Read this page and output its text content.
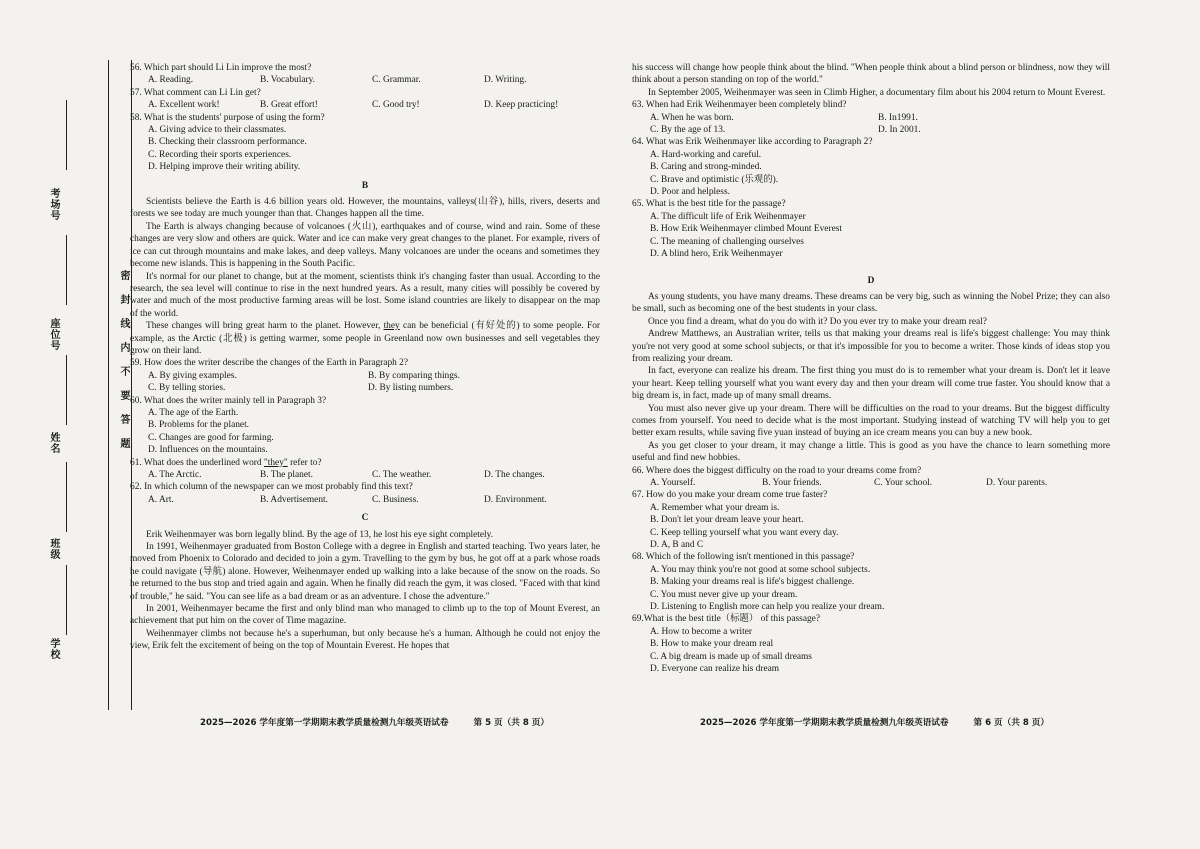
密封线内不要答题
考场号
座位号
姓名
班级
学校

56. Which part should Li Lin improve the most?

A. Reading.	B. Vocabulary.	C. Grammar.	D. Writing.

57. What comment can Li Lin get?

A. Excellent work!	B. Great effort!	C. Good try!	D. Keep practicing!

58. What is the students' purpose of using the form?

A. Giving advice to their classmates.

B. Checking their classroom performance.

C. Recording their sports experiences.

D. Helping improve their writing ability.

B

Scientists believe the Earth is 4.6 billion years old. However, the mountains, valleys(山谷), hills, rivers, deserts and forests we see today are much younger than that. Changes happen all the time.

The Earth is always changing because of volcanoes (火山), earthquakes and of course, wind and rain. Some of these changes are very slow and others are quick. Water and ice can make very great changes to the planet. For example, rivers of ice can cut through mountains and make lakes, and deep valleys. Many volcanoes are under the oceans and sometimes they become new islands. This is happening in the South Pacific.

It's normal for our planet to change, but at the moment, scientists think it's changing faster than usual. According to the research, the sea level will continue to rise in the next hundred years. As a result, many cities will possibly be covered by water and much of the most productive farming areas will be lost. Some island countries are likely to disappear on the map of the world.

These changes will bring great harm to the planet. However, they can be beneficial (有好处的) to some people. For example, as the Arctic (北极) is getting warmer, some people in Greenland now own businesses and sell vegetables they grow on their land.

59. How does the writer describe the changes of the Earth in Paragraph 2?

A. By giving examples.	B. By comparing things.
C. By telling stories.	D. By listing numbers.

60. What does the writer mainly tell in Paragraph 3?

A. The age of the Earth.

B. Problems for the planet.

C. Changes are good for farming.

D. Influences on the mountains.

61. What does the underlined word "they" refer to?

A. The Arctic.	B. The planet.	C. The weather.	D. The changes.

62. In which column of the newspaper can we most probably find this text?

A. Art.	B. Advertisement.	C. Business.	D. Environment.
C

Erik Weihenmayer was born legally blind. By the age of 13, he lost his eye sight completely.

In 1991, Weihenmayer graduated from Boston College with a degree in English and started teaching. Two years later, he moved from Phoenix to Colorado and decided to join a gym. Travelling to the gym by bus, he got off at a park whose roads he could navigate (导航) alone. However, Weihenmayer ended up walking into a lake because of the snow on the roads. So he returned to the bus stop and tried again and again. When he finally did reach the gym, it was closed. "Faced with that kind of trouble," he said. "You can see life as a bad dream or as an adventure. I chose the adventure."

In 2001, Weihenmayer became the first and only blind man who managed to climb up to the top of Mount Everest, an achievement that put him on the cover of Time magazine.

Weihenmayer climbs not because he's a superhuman, but only because he's a human. Although he could not enjoy the view, Erik felt the excitement of being on the top of Mountain Everest. He hopes that

2025—2026 学年度第一学期期末教学质量检测九年级英语试卷	第 5 页（共 8 页）

his success will change how people think about the blind. "When people think about a blind person or blindness, now they will think about a person standing on top of the world."

In September 2005, Weihenmayer was seen in Climb Higher, a documentary film about his 2004 return to Mount Everest.

63. When had Erik Weihenmayer been completely blind?

A. When he was born.	B. In1991.
C. By the age of 13.	D. In 2001.

64. What was Erik Weihenmayer like according to Paragraph 2?

A. Hard-working and careful.

B. Caring and strong-minded.

C. Brave and optimistic (乐观的).

D. Poor and helpless.

65. What is the best title for the passage?

A. The difficult life of Erik Weihenmayer

B. How Erik Weihenmayer climbed Mount Everest

C. The meaning of challenging ourselves

D. A blind hero, Erik Weihenmayer

D

As young students, you have many dreams. These dreams can be very big, such as winning the Nobel Prize; they can also be small, such as becoming one of the best students in your class.

Once you find a dream, what do you do with it? Do you ever try to make your dream real?

Andrew Matthews, an Australian writer, tells us that making your dreams real is life's biggest challenge: You may think you're not very good at some school subjects, or that it's impossible for you to become a writer. Those kinds of ideas stop you from realizing your dream.

In fact, everyone can realize his dream. The first thing you must do is to remember what your dream is. Don't let it leave your heart. Keep telling yourself what you want every day and then your dream will come true faster. You should know that a big dream is, in fact, made up of many small dreams.

You must also never give up your dream. There will be difficulties on the road to your dreams. But the biggest difficulty comes from yourself. You need to decide what is the most important. Studying instead of watching TV will help you to get better exam results, while saving five yuan instead of buying an ice cream means you can buy a new book.

As you get closer to your dream, it may change a little. This is good as you have the chance to learn something more useful and find new hobbies.

66. Where does the biggest difficulty on the road to your dreams come from?

A. Yourself.	B. Your friends.	C. Your school.	D. Your parents.

67. How do you make your dream come true faster?

A. Remember what your dream is.

B. Don't let your dream leave your heart.

C. Keep telling yourself what you want every day.

D. A, B and C

68. Which of the following isn't mentioned in this passage?

A. You may think you're not good at some school subjects.

B. Making your dreams real is life's biggest challenge.

C. You must never give up your dream.

D. Listening to English more can help you realize your dream.

69.What is the best title（标题） of this passage?

A. How to become a writer

B. How to make your dream real

C. A big dream is made up of small dreams

D. Everyone can realize his dream

2025—2026 学年度第一学期期末教学质量检测九年级英语试卷	第 6 页（共 8 页）
